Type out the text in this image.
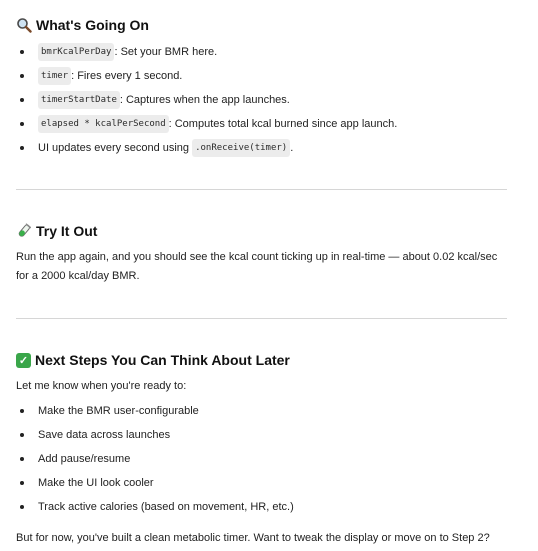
What's Going On
bmrKcalPerDay : Set your BMR here.
timer : Fires every 1 second.
timerStartDate : Captures when the app launches.
elapsed * kcalPerSecond : Computes total kcal burned since app launch.
UI updates every second using .onReceive(timer) .
Try It Out

Run the app again, and you should see the kcal count ticking up in real-time — about 0.02 kcal/sec for a 2000 kcal/day BMR.

✓ Next Steps You Can Think About Later

Let me know when you're ready to:

Make the BMR user-configurable
Save data across launches
Add pause/resume
Make the UI look cooler
Track active calories (based on movement, HR, etc.)

But for now, you've built a clean metabolic timer. Want to tweak the display or move on to Step 2?
